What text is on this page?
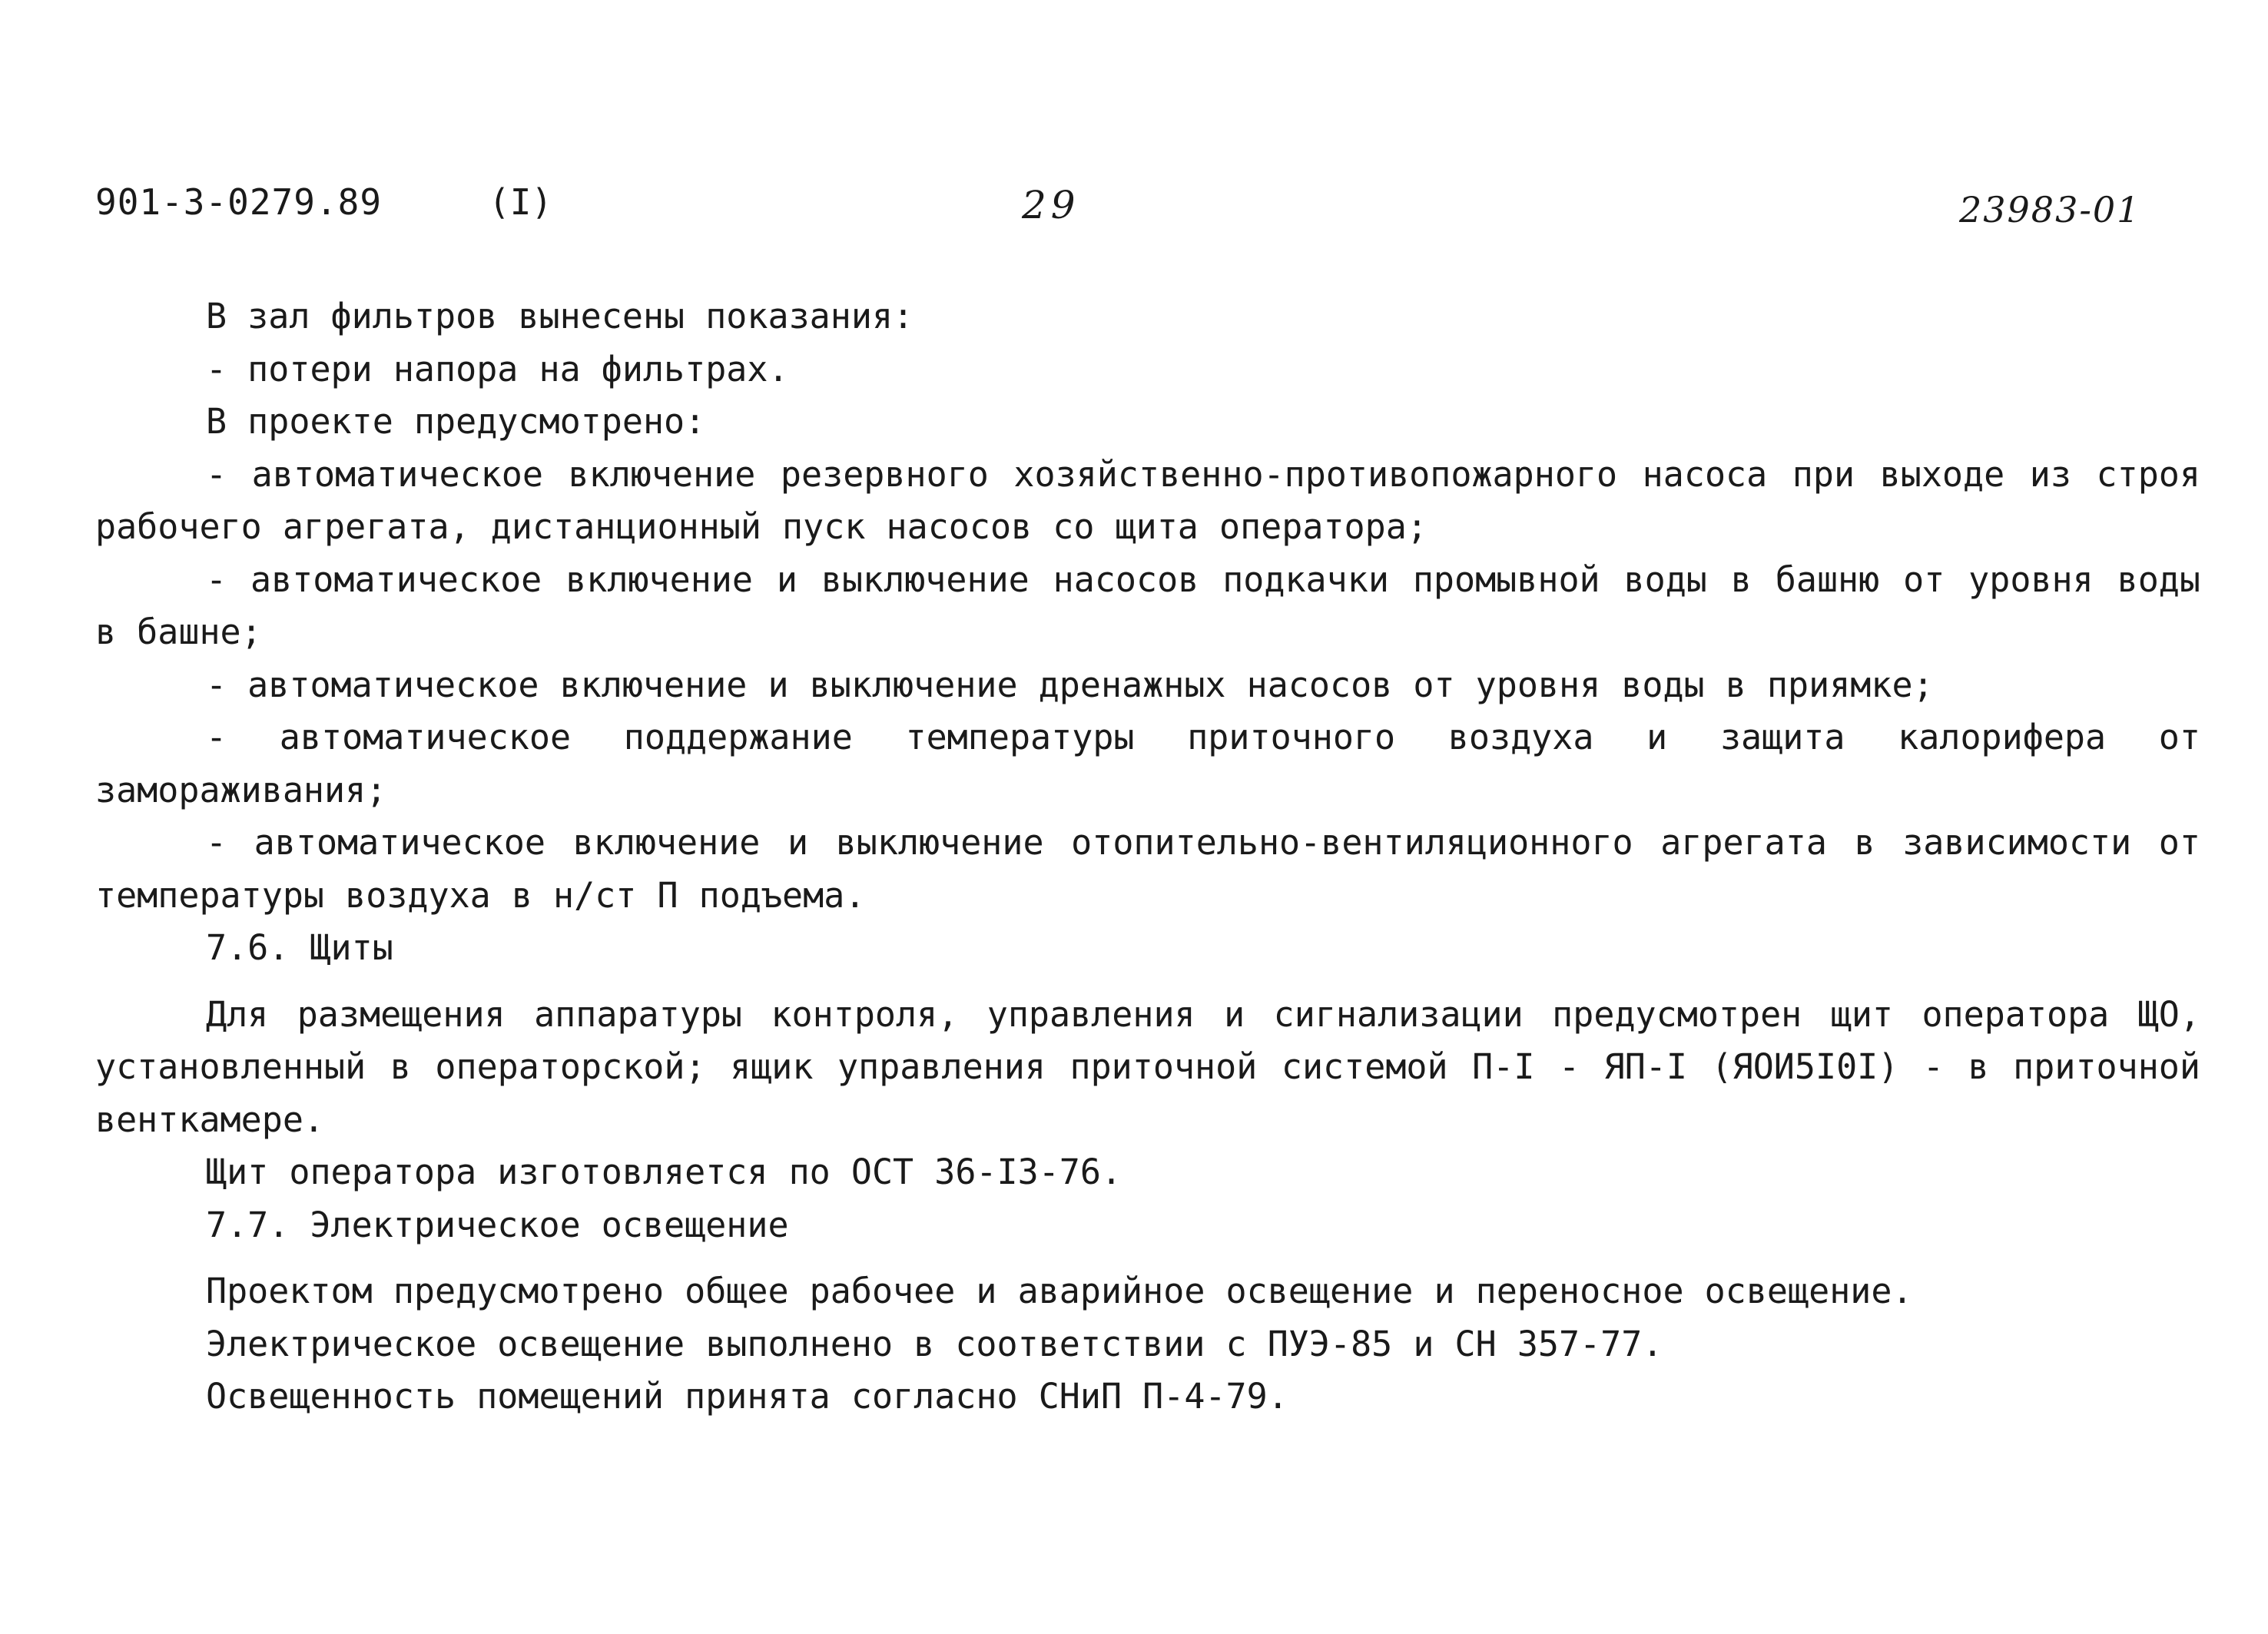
901-3-0279.89	(I)	29	23983-01

В зал фильтров вынесены показания:

- потери напора на фильтрах.

В проекте предусмотрено:

- автоматическое включение резервного хозяйственно-противопожарного насоса при выходе из строя рабочего агрегата, дистанционный пуск насосов со щита оператора;

- автоматическое включение и выключение насосов подкачки промывной воды в башню от уровня воды в башне;

- автоматическое включение и выключение дренажных насосов от уровня воды в приямке;

- автоматическое поддержание температуры приточного воздуха и защита калорифера от замораживания;

- автоматическое включение и выключение отопительно-вентиляционного агрегата в зависимости от температуры воздуха в н/ст П подъема.

7.6. Щиты

Для размещения аппаратуры контроля, управления и сигнализации предусмотрен щит оператора ЩО, установленный в операторской; ящик управления приточной системой П-I - ЯП-I (ЯОИ5I0I) - в приточной венткамере.

Щит оператора изготовляется по ОСТ 36-I3-76.

7.7. Электрическое освещение

Проектом предусмотрено общее рабочее и аварийное освещение и переносное освещение.

Электрическое освещение выполнено в соответствии с ПУЭ-85 и СН 357-77.

Освещенность помещений принята согласно СНиП П-4-79.
